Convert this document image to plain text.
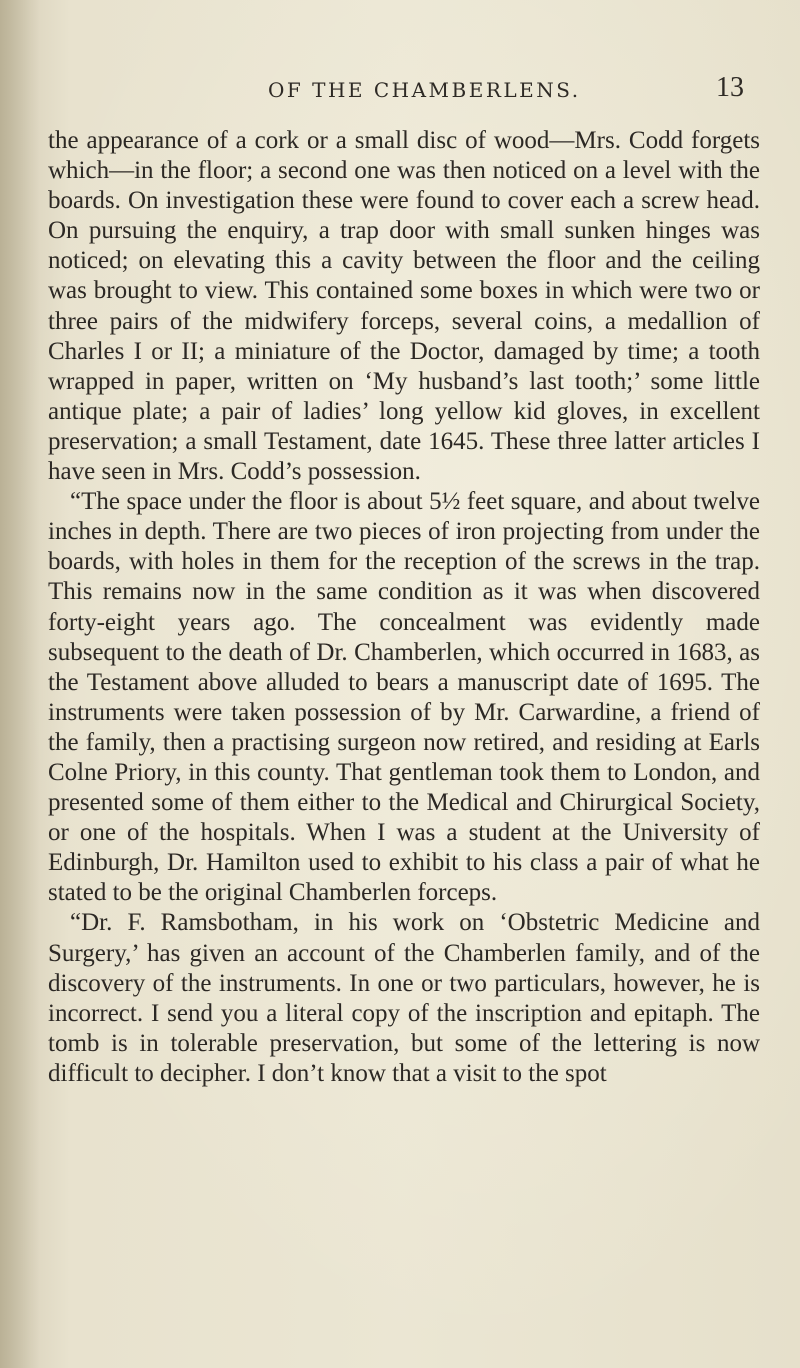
OF THE CHAMBERLENS.	13

the appearance of a cork or a small disc of wood—Mrs. Codd forgets which—in the floor; a second one was then noticed on a level with the boards. On investigation these were found to cover each a screw head. On pursuing the enquiry, a trap door with small sunken hinges was noticed; on elevating this a cavity between the floor and the ceiling was brought to view. This contained some boxes in which were two or three pairs of the midwifery forceps, several coins, a medallion of Charles I or II; a miniature of the Doctor, damaged by time; a tooth wrapped in paper, written on ‘My husband’s last tooth;’ some little antique plate; a pair of ladies’ long yellow kid gloves, in excellent preservation; a small Testament, date 1645. These three latter articles I have seen in Mrs. Codd’s possession.

“The space under the floor is about 5½ feet square, and about twelve inches in depth. There are two pieces of iron projecting from under the boards, with holes in them for the reception of the screws in the trap. This remains now in the same condition as it was when discovered forty-eight years ago. The concealment was evidently made subsequent to the death of Dr. Chamberlen, which occurred in 1683, as the Testament above alluded to bears a manuscript date of 1695. The instruments were taken possession of by Mr. Carwardine, a friend of the family, then a practising surgeon now retired, and residing at Earls Colne Priory, in this county. That gentleman took them to London, and presented some of them either to the Medical and Chirurgical Society, or one of the hospitals. When I was a student at the University of Edinburgh, Dr. Hamilton used to exhibit to his class a pair of what he stated to be the original Chamberlen forceps.

“Dr. F. Ramsbotham, in his work on ‘Obstetric Medicine and Surgery,’ has given an account of the Chamberlen family, and of the discovery of the instruments. In one or two particulars, however, he is incorrect. I send you a literal copy of the inscription and epitaph. The tomb is in tolerable preservation, but some of the lettering is now difficult to decipher. I don’t know that a visit to the spot
